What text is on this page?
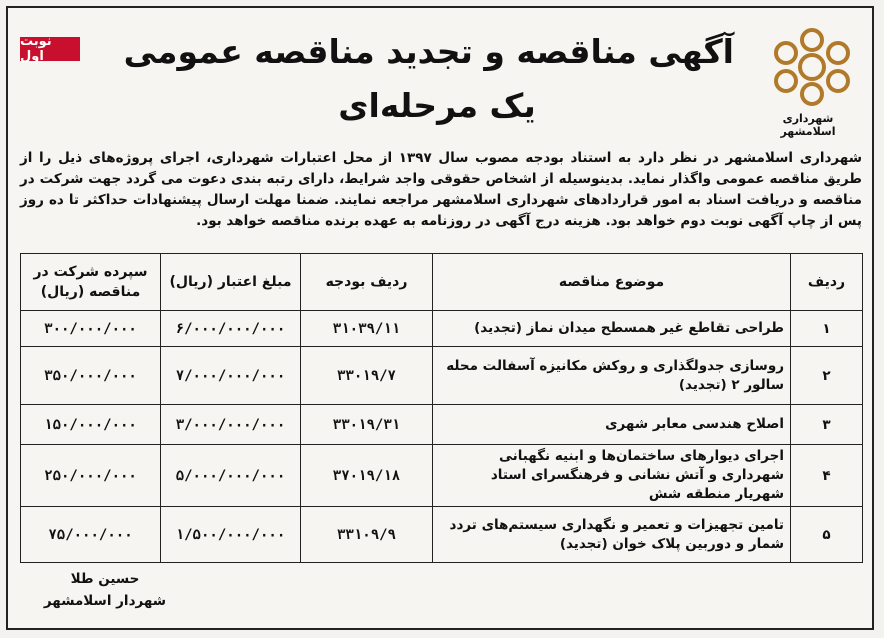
نوبت اول
شهرداری اسلامشهر
آگهی مناقصه و تجدید مناقصه عمومی
یک مرحله‌ای
شهرداری اسلامشهر در نظر دارد به استناد بودجه مصوب سال ۱۳۹۷ از محل اعتبارات شهرداری، اجرای پروژه‌های ذیل را از طریق مناقصه عمومی واگذار نماید. بدینوسیله از اشخاص حقوقی واجد شرایط، دارای رتبه بندی دعوت می گردد جهت شرکت در مناقصه و دریافت اسناد به امور قراردادهای شهرداری اسلامشهر مراجعه نمایند. ضمنا مهلت ارسال پیشنهادات حداکثر تا ده روز پس از چاپ آگهی نوبت دوم خواهد بود. هزینه درج آگهی در روزنامه به عهده برنده مناقصه خواهد بود.
ردیف	موضوع مناقصه	ردیف بودجه	مبلغ اعتبار (ریال)	سپرده شرکت در مناقصه (ریال)
۱	طراحی تقاطع غیر همسطح میدان نماز (تجدید)	۳۱۰۳۹/۱۱	۶/۰۰۰/۰۰۰/۰۰۰	۳۰۰/۰۰۰/۰۰۰
۲	روسازی جدولگذاری و روکش مکانیزه آسفالت محله سالور ۲ (تجدید)	۳۳۰۱۹/۷	۷/۰۰۰/۰۰۰/۰۰۰	۳۵۰/۰۰۰/۰۰۰
۳	اصلاح هندسی معابر شهری	۳۳۰۱۹/۳۱	۳/۰۰۰/۰۰۰/۰۰۰	۱۵۰/۰۰۰/۰۰۰
۴	اجرای دیوارهای ساختمان‌ها و ابنیه نگهبانی شهرداری و آتش نشانی و فرهنگسرای استاد شهریار منطقه شش	۳۷۰۱۹/۱۸	۵/۰۰۰/۰۰۰/۰۰۰	۲۵۰/۰۰۰/۰۰۰
۵	تامین تجهیزات و تعمیر و نگهداری سیستم‌های تردد شمار و دوربین پلاک خوان (تجدید)	۳۳۱۰۹/۹	۱/۵۰۰/۰۰۰/۰۰۰	۷۵/۰۰۰/۰۰۰
حسین طلا
شهردار اسلامشهر
